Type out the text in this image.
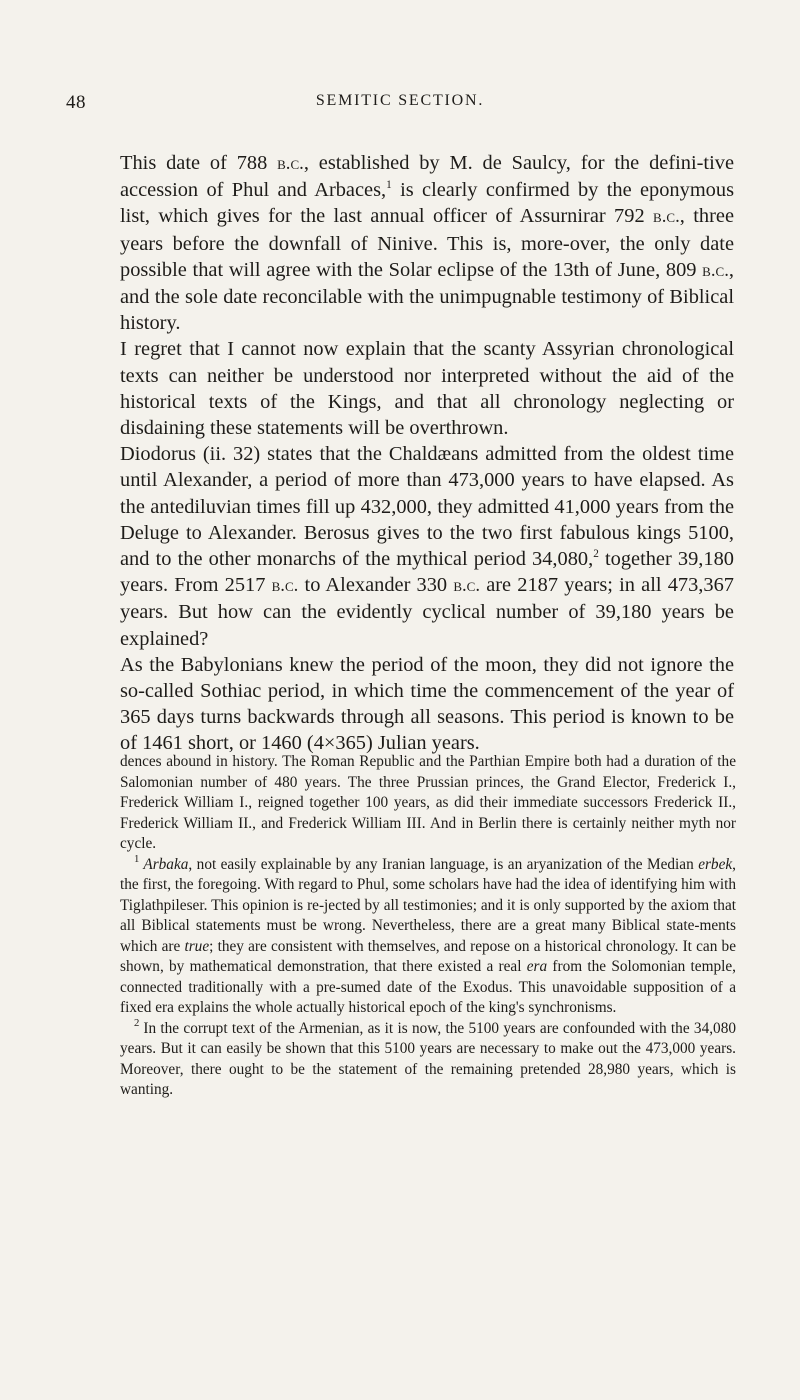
48	SEMITIC SECTION.

This date of 788 b.c., established by M. de Saulcy, for the defini-tive accession of Phul and Arbaces,$^1$ is clearly confirmed by the eponymous list, which gives for the last annual officer of Assurnirar 792 b.c., three years before the downfall of Ninive. This is, more-over, the only date possible that will agree with the Solar eclipse of the 13th of June, 809 b.c., and the sole date reconcilable with the unimpugnable testimony of Biblical history.

I regret that I cannot now explain that the scanty Assyrian chronological texts can neither be understood nor interpreted without the aid of the historical texts of the Kings, and that all chronology neglecting or disdaining these statements will be overthrown.

Diodorus (ii. 32) states that the Chaldæans admitted from the oldest time until Alexander, a period of more than 473,000 years to have elapsed. As the antediluvian times fill up 432,000, they admitted 41,000 years from the Deluge to Alexander. Berosus gives to the two first fabulous kings 5100, and to the other monarchs of the mythical period 34,080,$^2$ together 39,180 years. From 2517 b.c. to Alexander 330 b.c. are 2187 years; in all 473,367 years. But how can the evidently cyclical number of 39,180 years be explained?

As the Babylonians knew the period of the moon, they did not ignore the so-called Sothiac period, in which time the commencement of the year of 365 days turns backwards through all seasons. This period is known to be of 1461 short, or 1460 (4×365) Julian years.

dences abound in history. The Roman Republic and the Parthian Empire both had a duration of the Salomonian number of 480 years. The three Prussian princes, the Grand Elector, Frederick I., Frederick William I., reigned together 100 years, as did their immediate successors Frederick II., Frederick William II., and Frederick William III. And in Berlin there is certainly neither myth nor cycle.

$^1$ Arbaka, not easily explainable by any Iranian language, is an aryanization of the Median erbek, the first, the foregoing. With regard to Phul, some scholars have had the idea of identifying him with Tiglathpileser. This opinion is re-jected by all testimonies; and it is only supported by the axiom that all Biblical statements must be wrong. Nevertheless, there are a great many Biblical state-ments which are true; they are consistent with themselves, and repose on a historical chronology. It can be shown, by mathematical demonstration, that there existed a real era from the Solomonian temple, connected traditionally with a pre-sumed date of the Exodus. This unavoidable supposition of a fixed era explains the whole actually historical epoch of the king's synchronisms.

$^2$ In the corrupt text of the Armenian, as it is now, the 5100 years are confounded with the 34,080 years. But it can easily be shown that this 5100 years are necessary to make out the 473,000 years. Moreover, there ought to be the statement of the remaining pretended 28,980 years, which is wanting.
